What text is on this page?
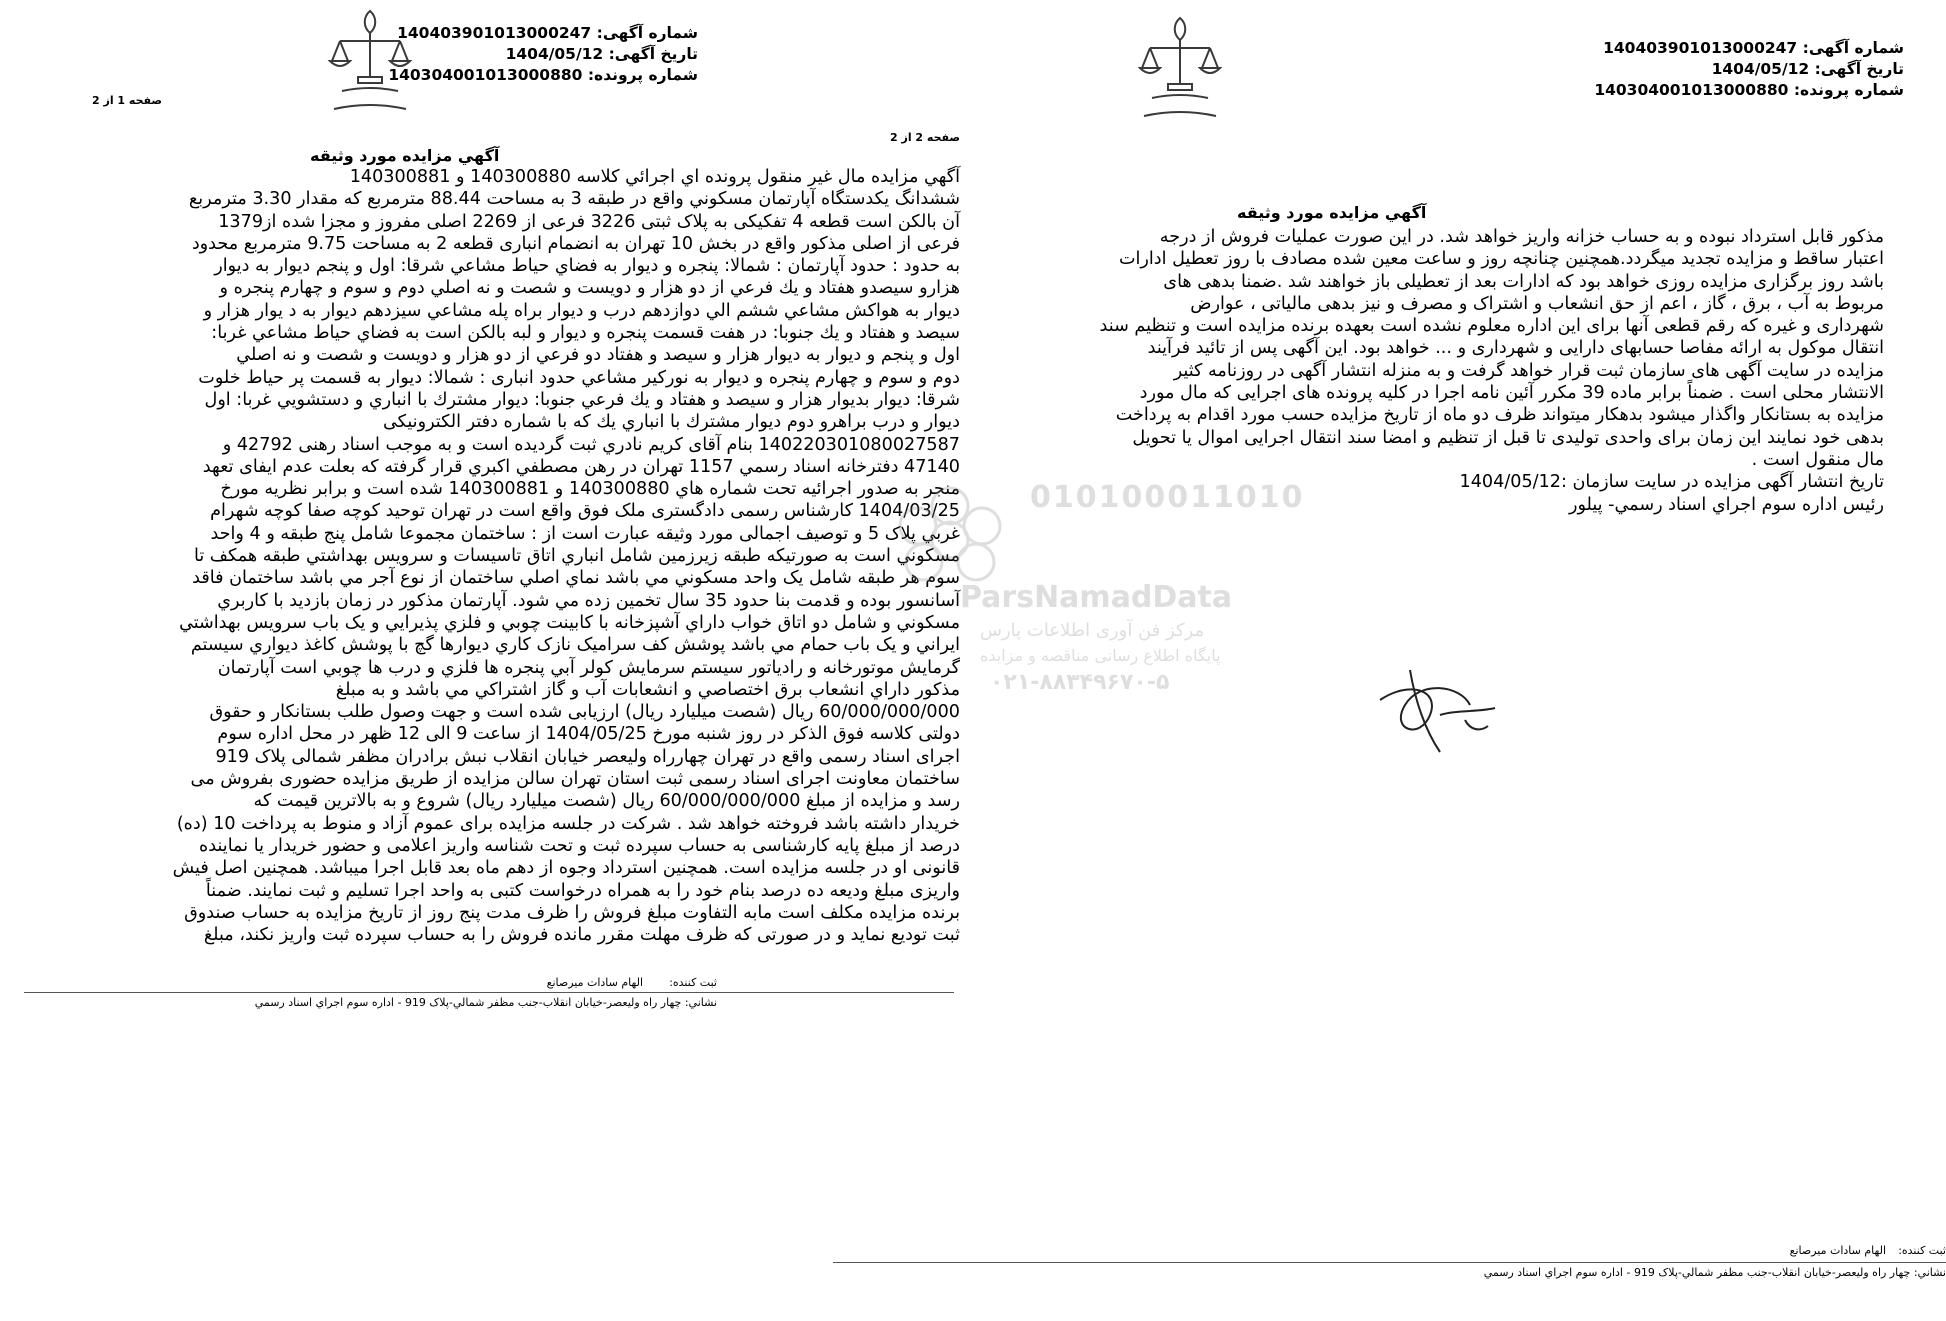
شماره آگهی: 140403901013000247
تاریخ آگهی: 1404/05/12
شماره پرونده: 140304001013000880
صفحه 1 از 2
آگهي مزايده مورد وثيقه

آگهي مزايده مال غير منقول پرونده اي اجرائي كلاسه 140300880 و 140300881

ششدانگ يكدستگاه آپارتمان مسكوني واقع در طبقه 3 به مساحت 88.44 مترمربع كه مقدار 3.30 مترمربع

آن بالكن است قطعه 4 تفكيكی به پلاک ثبتی 3226 فرعی از 2269 اصلی مفروز و مجزا شده از1379

فرعی از اصلی مذكور واقع در بخش 10 تهران به انضمام انباری قطعه 2 به مساحت 9.75 مترمربع محدود

به حدود : حدود آپارتمان : شمالا: پنجره و ديوار به فضاي حياط مشاعي شرقا: اول و پنجم ديوار به ديوار

هزارو سيصدو هفتاد و يك فرعي از دو هزار و دويست و شصت و نه اصلي دوم و سوم و چهارم پنجره و

ديوار به هواكش مشاعي ششم الي دوازدهم درب و ديوار براه پله مشاعي سيزدهم ديوار به د يوار هزار و

سيصد و هفتاد و يك جنوبا: در هفت قسمت پنجره و ديوار و لبه بالكن است به فضاي حياط مشاعي غربا:

اول و پنجم و ديوار به ديوار هزار و سيصد و هفتاد دو فرعي از دو هزار و دويست و شصت و نه اصلي

دوم و سوم و چهارم پنجره و ديوار به نوركير مشاعي حدود انباری : شمالا: ديوار به قسمت پر حياط خلوت

شرقا: ديوار بديوار هزار و سيصد و هفتاد و يك فرعي جنوبا: ديوار مشترك با انباري و دستشويي غربا: اول

ديوار و درب براهرو دوم ديوار مشترك با انباري يك كه با شماره دفتر الكترونيكی

140220301080027587 بنام آقای كريم نادري ثبت گرديده است و به موجب اسناد رهنی 42792 و

47140 دفترخانه اسناد رسمي 1157 تهران در رهن مصطفي اكبري قرار گرفته كه بعلت عدم ايفای تعهد

منجر به صدور اجرائيه تحت شماره هاي 140300880 و 140300881 شده است و برابر نظريه مورخ

1404/03/25 كارشناس رسمی دادگستری ملک فوق واقع است در تهران توحيد كوچه صفا كوچه شهرام

غربي پلاک 5 و توصيف اجمالی مورد وثيقه عبارت است از : ساختمان مجموعا شامل پنج طبقه و 4 واحد

مسكوني است به صورتيكه طبقه زيرزمين شامل انباري اتاق تاسيسات و سرويس بهداشتي طبقه همكف تا

سوم هر طبقه شامل يک واحد مسكوني مي باشد نماي اصلي ساختمان از نوع آجر مي باشد ساختمان فاقد

آسانسور بوده و قدمت بنا حدود 35 سال تخمين زده مي شود. آپارتمان مذكور در زمان بازديد با كاربري

مسكوني و شامل دو اتاق خواب داراي آشپزخانه با كابينت چوبي و فلزي پذيرايي و يک باب سرويس بهداشتي

ايراني و يک باب حمام مي باشد پوشش كف سراميک نازک كاري ديوارها گچ با پوشش كاغذ ديواري سيستم

گرمايش موتورخانه و رادياتور سيستم سرمايش كولر آبي پنجره ها فلزي و درب ها چوبي است آپارتمان

مذكور داراي انشعاب برق اختصاصي و انشعابات آب و گاز اشتراكي مي باشد و به مبلغ

60/000/000/000 ريال (شصت ميليارد ريال) ارزيابی شده است و جهت وصول طلب بستانكار و حقوق

دولتی كلاسه فوق الذكر در روز شنبه مورخ 1404/05/25 از ساعت 9 الی 12 ظهر در محل اداره سوم

اجرای اسناد رسمی واقع در تهران چهارراه وليعصر خيابان انقلاب نبش برادران مظفر شمالی پلاک 919

ساختمان معاونت اجرای اسناد رسمی ثبت استان تهران سالن مزايده از طريق مزايده حضوری بفروش می

رسد و مزايده از مبلغ 60/000/000/000 ريال (شصت ميليارد ريال) شروع و به بالاترين قيمت كه

خريدار داشته باشد فروخته خواهد شد . شركت در جلسه مزايده برای عموم آزاد و منوط به پرداخت 10 (ده)

درصد از مبلغ پايه كارشناسی به حساب سپرده ثبت و تحت شناسه واريز اعلامی و حضور خريدار يا نماينده

قانونی او در جلسه مزايده است. همچنين استرداد وجوه از دهم ماه بعد قابل اجرا ميباشد. همچنين اصل فيش

واريزی مبلغ وديعه ده درصد بنام خود را به همراه درخواست كتبی به واحد اجرا تسليم و ثبت نمايند. ضمناً

برنده مزايده مكلف است مابه التفاوت مبلغ فروش را ظرف مدت پنج روز از تاريخ مزايده به حساب صندوق

ثبت توديع نمايد و در صورتی كه ظرف مهلت مقرر مانده فروش را به حساب سپرده ثبت واريز نكند، مبلغ

ثبت كننده:
الهام سادات ميرصانع
نشاني: چهار راه وليعصر-خيابان انقلاب-جنب مظفر شمالي-پلاک 919 - اداره سوم اجراي اسناد رسمي
شماره آگهی: 140403901013000247
تاریخ آگهی: 1404/05/12
شماره پرونده: 140304001013000880
صفحه 2 از 2
آگهي مزايده مورد وثيقه

مذكور قابل استرداد نبوده و به حساب خزانه واريز خواهد شد. در اين صورت عمليات فروش از درجه

اعتبار ساقط و مزايده تجديد ميگردد.همچنين چنانچه روز و ساعت معين شده مصادف با روز تعطيل ادارات

باشد روز برگزاری مزايده روزی خواهد بود كه ادارات بعد از تعطيلی باز خواهند شد .ضمنا بدهی های

مربوط به آب ، برق ، گاز ، اعم از حق انشعاب و اشتراک و مصرف و نيز بدهی مالياتی ، عوارض

شهرداری و غيره كه رقم قطعی آنها برای اين اداره معلوم نشده است بعهده برنده مزايده است و تنظيم سند

انتقال موكول به ارائه مفاصا حسابهای دارايی و شهرداری و ... خواهد بود. اين آگهی پس از تائيد فرآيند

مزايده در سايت آگهی های سازمان ثبت قرار خواهد گرفت و به منزله انتشار آگهی در روزنامه كثير

الانتشار محلی است . ضمناً برابر ماده 39 مكرر آئين نامه اجرا در كليه پرونده های اجرايی كه مال مورد

مزايده به بستانكار واگذار ميشود بدهكار ميتواند ظرف دو ماه از تاريخ مزايده حسب مورد اقدام به پرداخت

بدهی خود نمايند اين زمان برای واحدی توليدی تا قبل از تنظيم و امضا سند انتقال اجرايی اموال يا تحويل

مال منقول است .

تاريخ انتشار آگهی مزايده در سايت سازمان :1404/05/12

رئيس اداره سوم اجراي اسناد رسمي- پيلور

ثبت كننده:
الهام سادات ميرصانع
نشاني: چهار راه وليعصر-خيابان انقلاب-جنب مظفر شمالي-پلاک 919 - اداره سوم اجراي اسناد رسمي
010100011010
ParsNamadData
مرکز فن آوری اطلاعات پارس
پایگاه اطلاع رسانی مناقصه و مزایده
۰۲۱-۸۸۳۴۹۶۷۰-۵
